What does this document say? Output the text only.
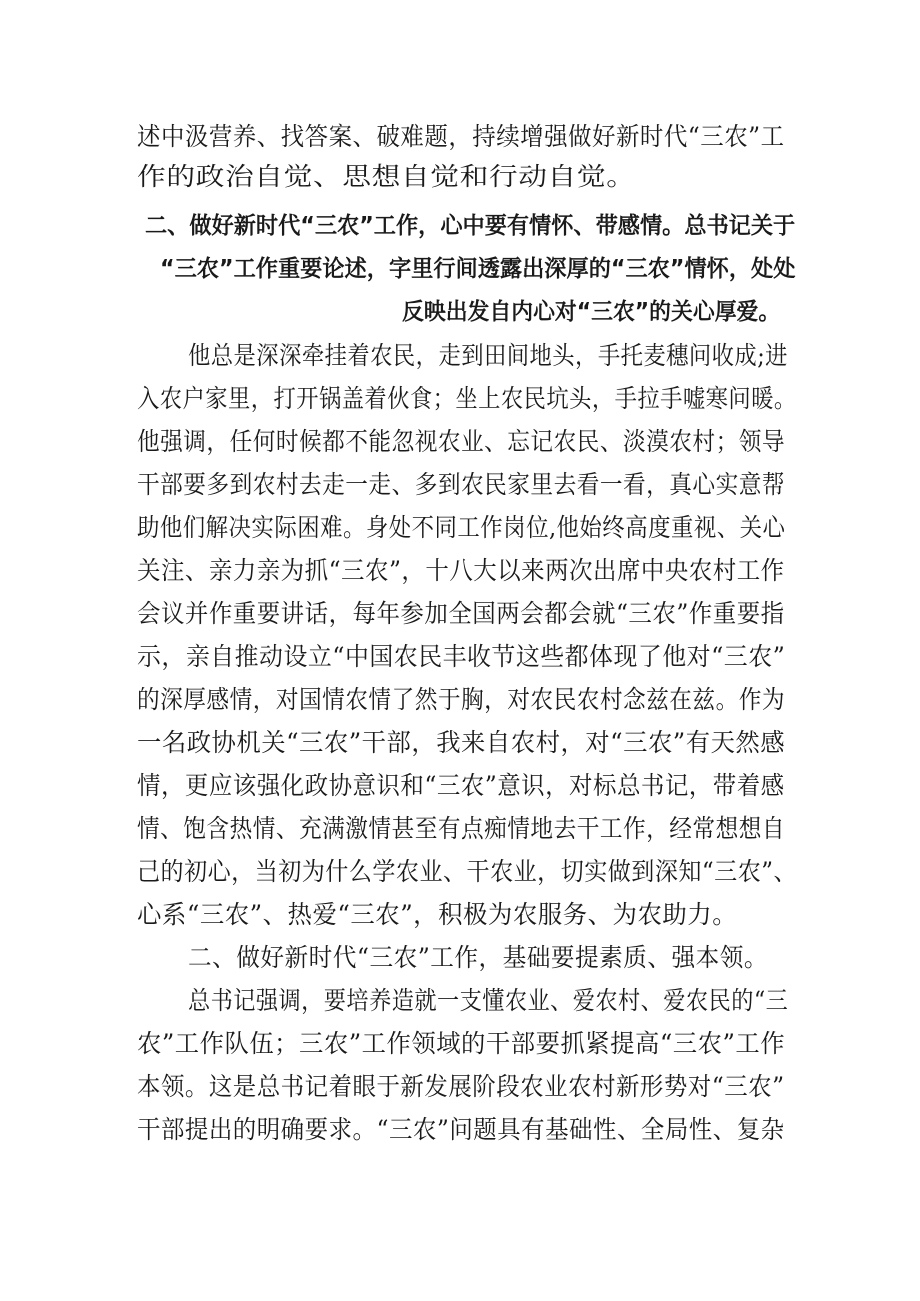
述中汲营养、找答案、破难题，持续增强做好新时代“三农”工
作的政治自觉、思想自觉和行动自觉。
二、做好新时代“三农”工作，心中要有情怀、带感情。总书记关于
“三农”工作重要论述，字里行间透露出深厚的“三农”情怀，处处
反映出发自内心对“三农”的关心厚爱。
他总是深深牵挂着农民，走到田间地头，手托麦穗问收成;进
入农户家里，打开锅盖着伙食；坐上农民坑头，手拉手嘘寒问暖。
他强调，任何时候都不能忽视农业、忘记农民、淡漠农村；领导
干部要多到农村去走一走、多到农民家里去看一看，真心实意帮
助他们解决实际困难。身处不同工作岗位,他始终高度重视、关心
关注、亲力亲为抓“三农”，十八大以来两次出席中央农村工作
会议并作重要讲话，每年参加全国两会都会就“三农”作重要指
示，亲自推动设立“中国农民丰收节这些都体现了他对“三农”
的深厚感情，对国情农情了然于胸，对农民农村念兹在兹。作为
一名政协机关“三农”干部，我来自农村，对“三农”有天然感
情，更应该强化政协意识和“三农”意识，对标总书记，带着感
情、饱含热情、充满激情甚至有点痴情地去干工作，经常想想自
己的初心，当初为什么学农业、干农业，切实做到深知“三农”、
心系“三农”、热爱“三农”，积极为农服务、为农助力。
二、做好新时代“三农”工作，基础要提素质、强本领。
总书记强调，要培养造就一支懂农业、爱农村、爱农民的“三
农”工作队伍；三农”工作领域的干部要抓紧提高“三农”工作
本领。这是总书记着眼于新发展阶段农业农村新形势对“三农”
干部提出的明确要求。“三农”问题具有基础性、全局性、复杂
